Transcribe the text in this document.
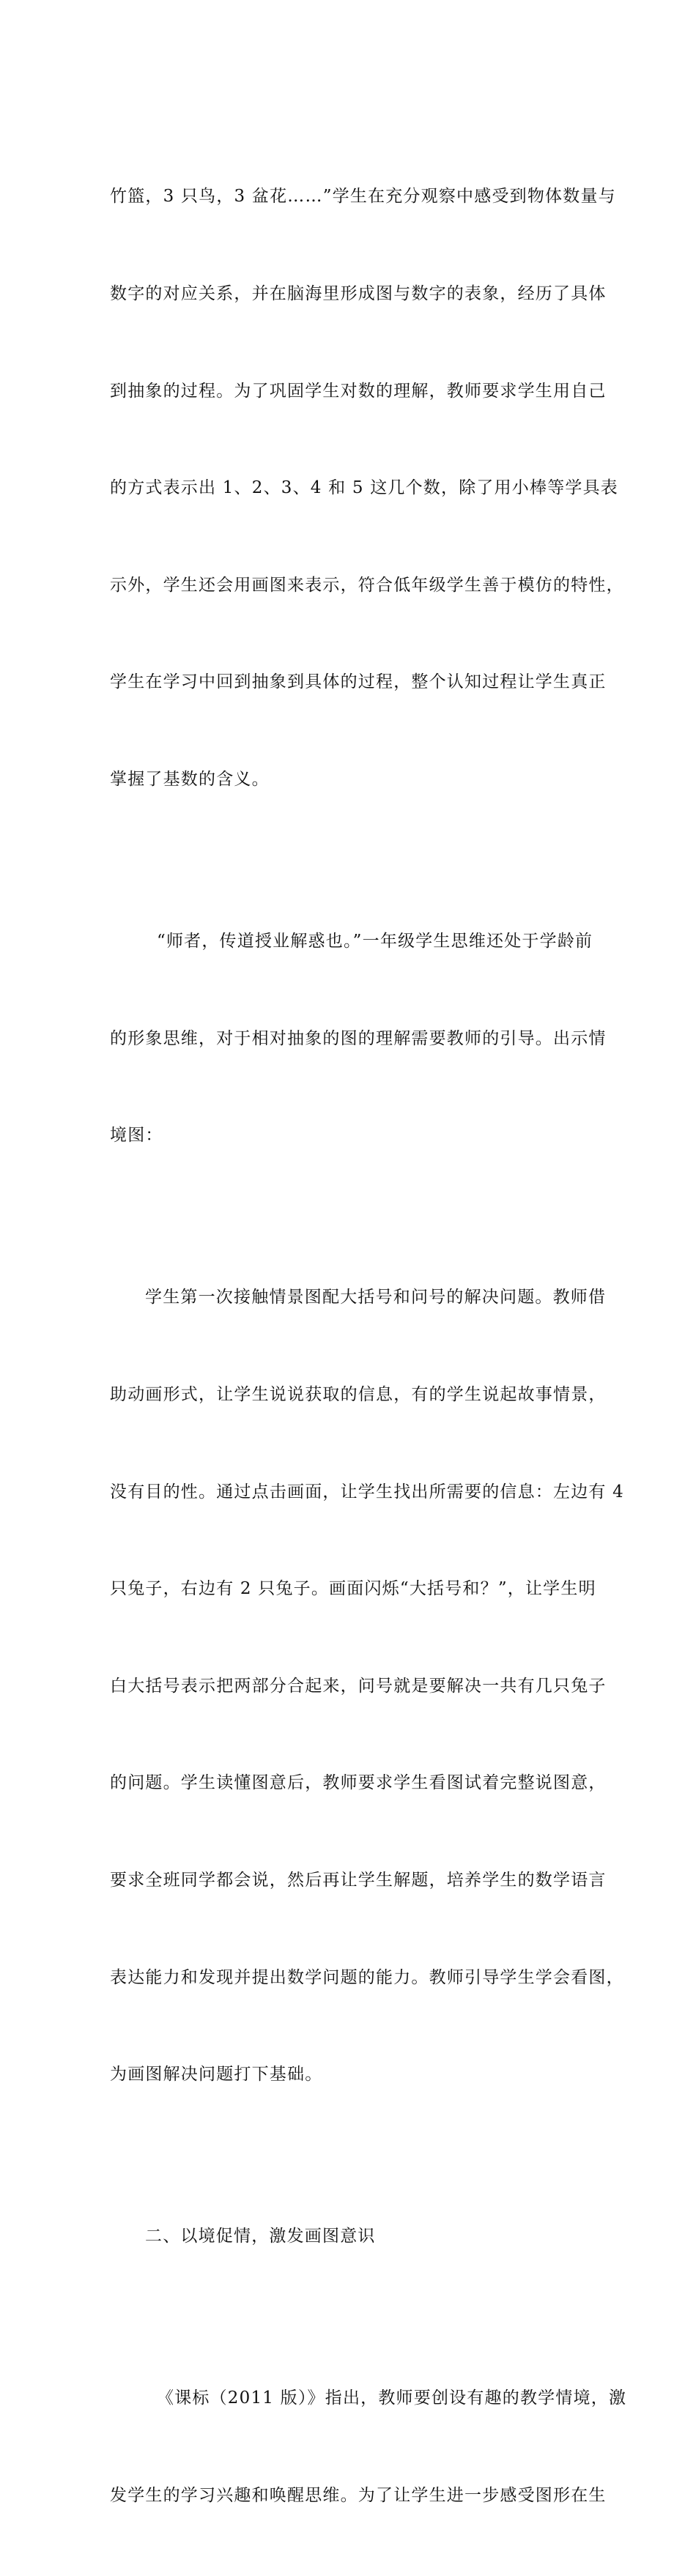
竹篮，3 只鸟，3 盆花……”学生在充分观察中感受到物体数量与

数字的对应关系，并在脑海里形成图与数字的表象，经历了具体

到抽象的过程。为了巩固学生对数的理解，教师要求学生用自己

的方式表示出 1、2、3、4 和 5 这几个数，除了用小棒等学具表

示外，学生还会用画图来表示，符合低年级学生善于模仿的特性，

学生在学习中回到抽象到具体的过程，整个认知过程让学生真正

掌握了基数的含义。

“师者，传道授业解惑也。”一年级学生思维还处于学龄前

的形象思维，对于相对抽象的图的理解需要教师的引导。出示情

境图：

学生第一次接触情景图配大括号和问号的解决问题。教师借

助动画形式，让学生说说获取的信息，有的学生说起故事情景，

没有目的性。通过点击画面，让学生找出所需要的信息：左边有 4

只兔子，右边有 2 只兔子。画面闪烁“大括号和？”，让学生明

白大括号表示把两部分合起来，问号就是要解决一共有几只兔子

的问题。学生读懂图意后，教师要求学生看图试着完整说图意，

要求全班同学都会说，然后再让学生解题，培养学生的数学语言

表达能力和发现并提出数学问题的能力。教师引导学生学会看图，

为画图解决问题打下基础。

二、以境促情，激发画图意识

《课标（2011 版）》指出，教师要创设有趣的教学情境，激

发学生的学习兴趣和唤醒思维。为了让学生进一步感受图形在生
